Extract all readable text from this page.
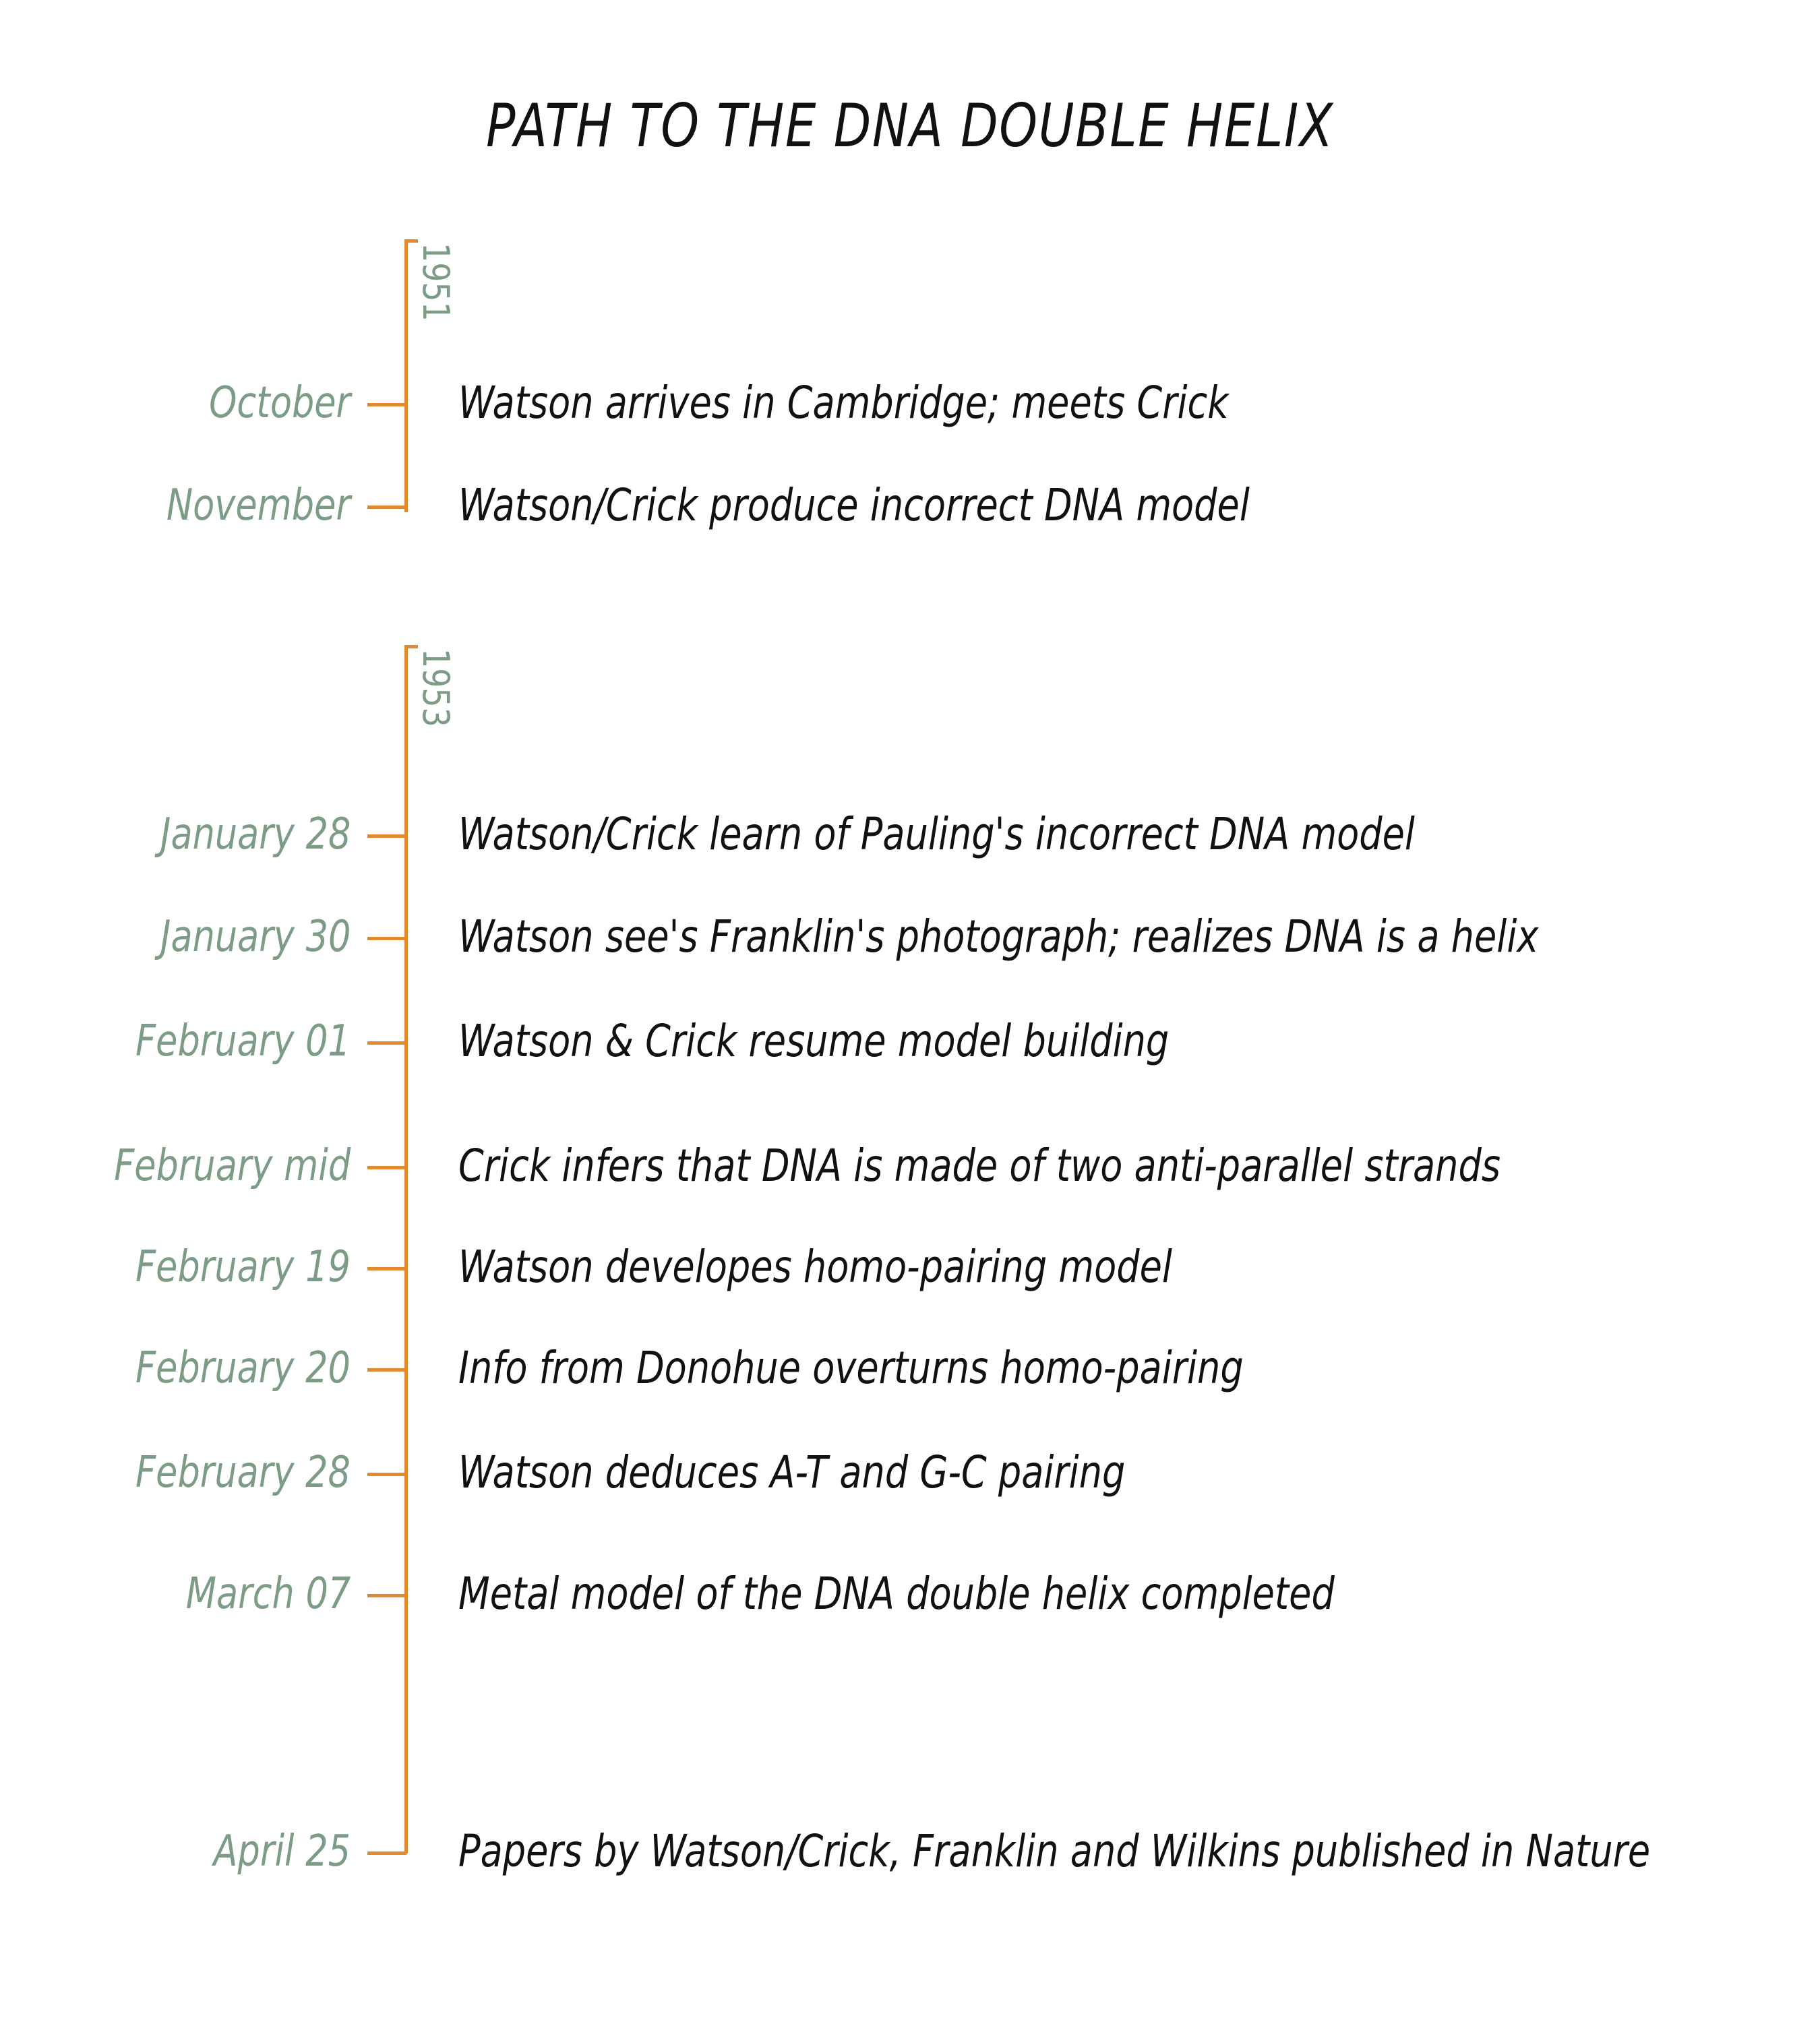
PATH TO THE DNA DOUBLE HELIX
1951
October Watson arrives in Cambridge; meets Crick
November Watson/Crick produce incorrect DNA model
1953
January 28 Watson/Crick learn of Pauling's incorrect DNA model
January 30 Watson see's Franklin's photograph; realizes DNA is a helix
February 01 Watson & Crick resume model building
February mid Crick infers that DNA is made of two anti-parallel strands
February 19 Watson developes homo-pairing model
February 20 Info from Donohue overturns homo-pairing
February 28 Watson deduces A-T and G-C pairing
March 07 Metal model of the DNA double helix completed
April 25 Papers by Watson/Crick, Franklin and Wilkins published in Nature
